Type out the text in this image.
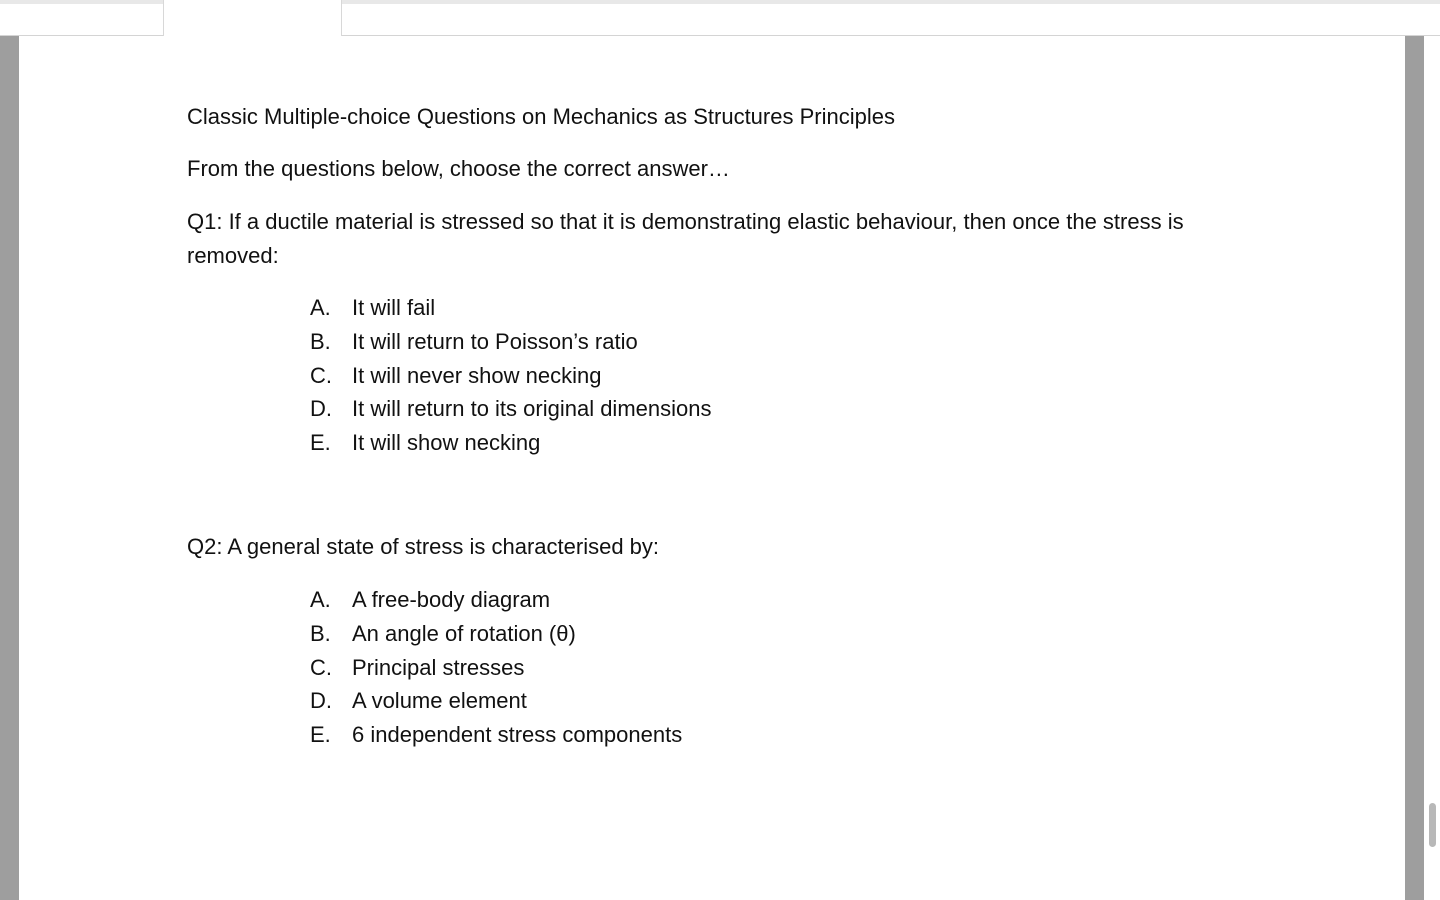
Classic Multiple-choice Questions on Mechanics as Structures Principles
From the questions below, choose the correct answer…
Q1: If a ductile material is stressed so that it is demonstrating elastic behaviour, then once the stress is removed:
A. It will fail
B. It will return to Poisson’s ratio
C. It will never show necking
D. It will return to its original dimensions
E. It will show necking
Q2: A general state of stress is characterised by:
A. A free-body diagram
B. An angle of rotation (θ)
C. Principal stresses
D. A volume element
E. 6 independent stress components
